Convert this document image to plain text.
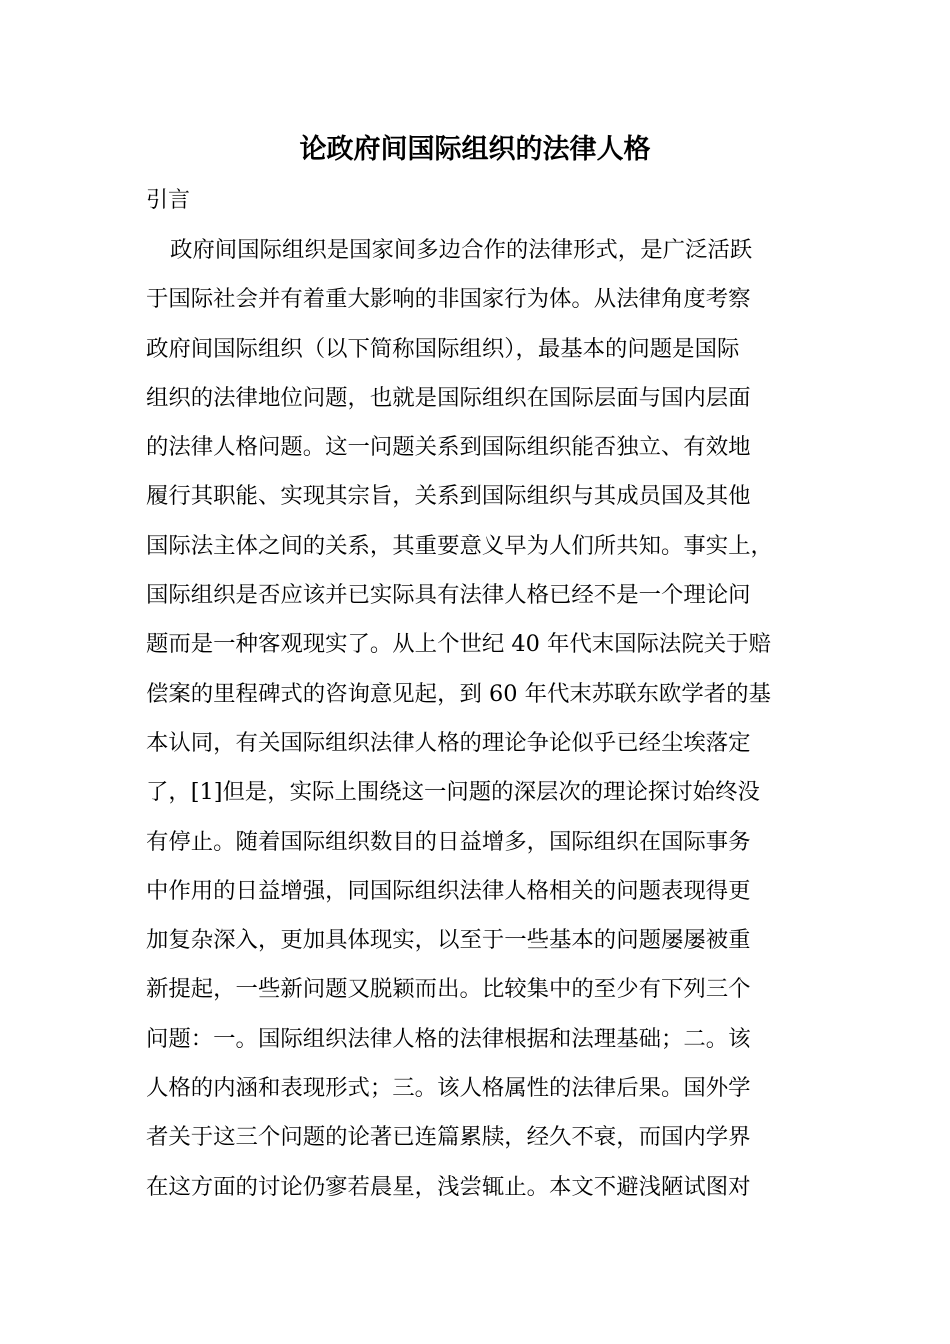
论政府间国际组织的法律人格
引言
政府间国际组织是国家间多边合作的法律形式，是广泛活跃
于国际社会并有着重大影响的非国家行为体。从法律角度考察
政府间国际组织（以下简称国际组织），最基本的问题是国际
组织的法律地位问题，也就是国际组织在国际层面与国内层面
的法律人格问题。这一问题关系到国际组织能否独立、有效地
履行其职能、实现其宗旨，关系到国际组织与其成员国及其他
国际法主体之间的关系，其重要意义早为人们所共知。事实上，
国际组织是否应该并已实际具有法律人格已经不是一个理论问
题而是一种客观现实了。从上个世纪 40 年代末国际法院关于赔
偿案的里程碑式的咨询意见起，到 60 年代末苏联东欧学者的基
本认同，有关国际组织法律人格的理论争论似乎已经尘埃落定
了，[1]但是，实际上围绕这一问题的深层次的理论探讨始终没
有停止。随着国际组织数目的日益增多，国际组织在国际事务
中作用的日益增强，同国际组织法律人格相关的问题表现得更
加复杂深入，更加具体现实，以至于一些基本的问题屡屡被重
新提起，一些新问题又脱颖而出。比较集中的至少有下列三个
问题：一。国际组织法律人格的法律根据和法理基础；二。该
人格的内涵和表现形式；三。该人格属性的法律后果。国外学
者关于这三个问题的论著已连篇累牍，经久不衰，而国内学界
在这方面的讨论仍寥若晨星，浅尝辄止。本文不避浅陋试图对
